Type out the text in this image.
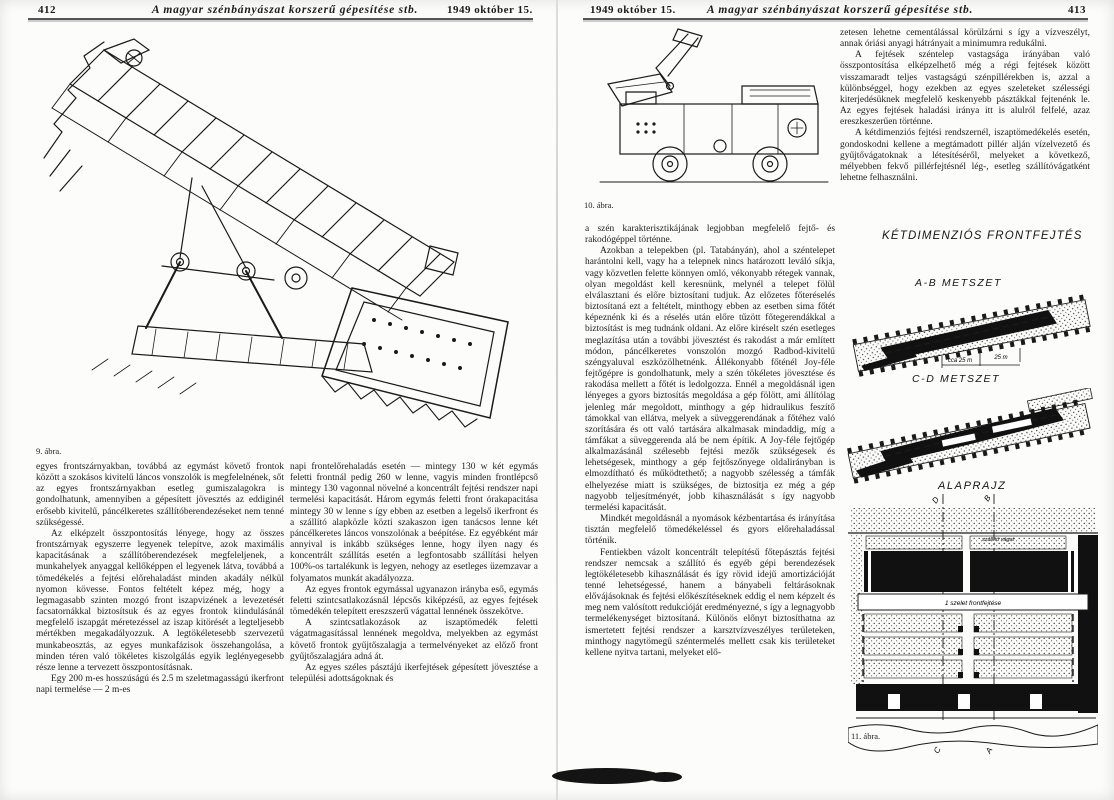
412	A magyar szénbányászat korszerű gépesítése stb.	1949 október 15.
9. ábra.

egyes frontszárnyakban, továbbá az egymást követő frontok között a szokásos kivitelű láncos vonszolók is megfelelnének, sőt az egyes frontszárnyakban esetleg gumiszalagokra is gondolhatunk, amennyiben a gépesített jövesztés az eddiginél erősebb kivitelű, páncélkeretes szállítóberendezéseket nem tenné szükségessé.

Az elképzelt összpontosítás lényege, hogy az összes frontszárnyak egyszerre legyenek telepítve, azok maximális kapacitásának a szállítóberendezések megfeleljenek, a munkahelyek anyaggal kellőképpen el legyenek látva, továbbá a tömedékelés a fejtési előrehaladást minden akadály nélkül nyomon kövesse. Fontos feltételt képez még, hogy a legmagasabb szinten mozgó front iszapvizének a levezetését facsatornákkal biztosítsuk és az egyes frontok kiindulásánál megfelelő iszapgát méretezéssel az iszap kitörését a legteljesebb mértékben megakadályozzuk. A legtökéletesebb szervezetű munkabeosztás, az egyes munkafázisok összehangolása, a minden téren való tökéletes kiszolgálás egyik leglényegesebb része lenne a tervezett összpontosításnak.

Egy 200 m-es hosszúságú és 2.5 m szeletmagasságú ikerfront napi termelése — 2 m-es

napi frontelőrehaladás esetén — mintegy 130 w két egymás feletti frontnál pedig 260 w lenne, vagyis minden frontlépcső mintegy 130 vagonnal növelné a koncentrált fejtési rendszer napi termelési kapacitását. Három egymás feletti front órakapacitása mintegy 30 w lenne s így ebben az esetben a legelső ikerfront és a szállító alapközle közti szakaszon igen tanácsos lenne két páncélkeretes láncos vonszolónak a beépítése. Ez egyébként már annyival is inkább szükséges lenne, hogy ilyen nagy és koncentrált szállítás esetén a legfontosabb szállítási helyen 100%-os tartalékunk is legyen, nehogy az esetleges üzemzavar a folyamatos munkát akadályozza.

Az egyes frontok egymással ugyanazon irányba eső, egymás feletti szintcsatlakozásnál lépcsős kiképzésű, az egyes fejtések tömedékén telepített ereszszerű vágattal lennének összekötve.

A szintcsatlakozások az iszaptömedék feletti vágatmagasítással lennének megoldva, melyekben az egymást követő frontok gyűjtőszalagja a termelvényeket az előző front gyűjtőszalagjára adná át.

Az egyes széles pásztájú ikerfejtések gépesített jövesztése a települési adottságoknak és

1949 október 15.	A magyar szénbányászat korszerű gépesítése stb.	413
10. ábra.

a szén karakterisztikájának legjobban megfelelő fejtő- és rakodógéppel történne.

Azokban a telepekben (pl. Tatabányán), ahol a széntelepet harántolni kell, vagy ha a telepnek nincs határozott leváló síkja, vagy közvetlen felette könnyen omló, vékonyabb rétegek vannak, olyan megoldást kell keresnünk, melynél a telepet fölül elválasztani és előre biztosítani tudjuk. Az előzetes főteréselés biztosítaná ezt a feltételt, minthogy ebben az esetben sima főtét képeznénk ki és a réselés után előre tűzött főtegerendákkal a biztosítást is meg tudnánk oldani. Az előre kiréselt szén esetleges meglazítása után a további jövesztést és rakodást a már említett módon, páncélkeretes vonszolón mozgó Radbod-kivitelű széngyaluval eszközölhetnénk. Állékonyabb főténél Joy-féle fejtőgépre is gondolhatunk, mely a szén tökéletes jövesztése és rakodása mellett a főtét is ledolgozza. Ennél a megoldásnál igen lényeges a gyors biztosítás megoldása a gép fölött, ami állítólag jelenleg már megoldott, minthogy a gép hidraulikus feszítő támokkal van ellátva, melyek a süveggerendának a főtéhez való szorítására és ott való tartására alkalmasak mindaddig, míg a támfákat a süveggerenda alá be nem építik. A Joy-féle fejtőgép alkalmazásánál szélesebb fejtési mezők szükségesek és lehetségesek, minthogy a gép fejtőszőnyege oldalirányban is elmozdítható és működtethető; a nagyobb szélesség a támfák elhelyezése miatt is szükséges, de biztosítja ez még a gép nagyobb teljesítményét, jobb kihasználását s így nagyobb termelési kapacitását.

Mindkét megoldásnál a nyomások kézbentartása és irányítása tisztán megfelelő tömedékeléssel és gyors előrehaladással történik.

Fentiekben vázolt koncentrált telepítésű főtepásztás fejtési rendszer nemcsak a szállító és egyéb gépi berendezések legtökéletesebb kihasználását és így rövid idejű amortizációját tenné lehetségessé, hanem a bányabeli feltárásoknak elővájásoknak és fejtési előkészítéseknek eddig el nem képzelt és meg nem valósított redukcióját eredményezné, s így a legnagyobb termelékenységet biztosítaná. Különös előnyt biztosíthatna az ismertetett fejtési rendszer a karsztvízveszélyes területeken, minthogy nagytömegű széntermelés mellett csak kis területeket kellene nyitva tartani, melyeket elő-

zetesen lehetne cementálással körülzárni s így a vízveszélyt, annak óriási anyagi hátrányait a minimumra redukálni.

A fejtések széntelep vastagsága irányában való összpontosítása elképzelhető még a régi fejtések között visszamaradt teljes vastagságú szénpillérekben is, azzal a különbséggel, hogy ezekben az egyes szeleteket szélességi kiterjedésüknek megfelelő keskenyebb pásztákkal fejtenénk le. Az egyes fejtések haladási iránya itt is alulról felfelé, azaz ereszkeszerűen történne.

A kétdimenziós fejtési rendszernél, iszaptömedékelés esetén, gondoskodni kellene a megtámadott pillér alján vízelvezető és gyűjtővágatoknak a létesítéséről, melyeket a következő, mélyebben fekvő pillérfejtésnél lég-, esetleg szállítóvágatként lehetne felhasználni.

KÉTDIMENZIÓS FRONTFEJTÉS
A-B METSZET
cca 25 m	25 m
C-D METSZET
ALAPRAJZ
D	B
1 szelet frontfejtése
C	A
11. ábra.
